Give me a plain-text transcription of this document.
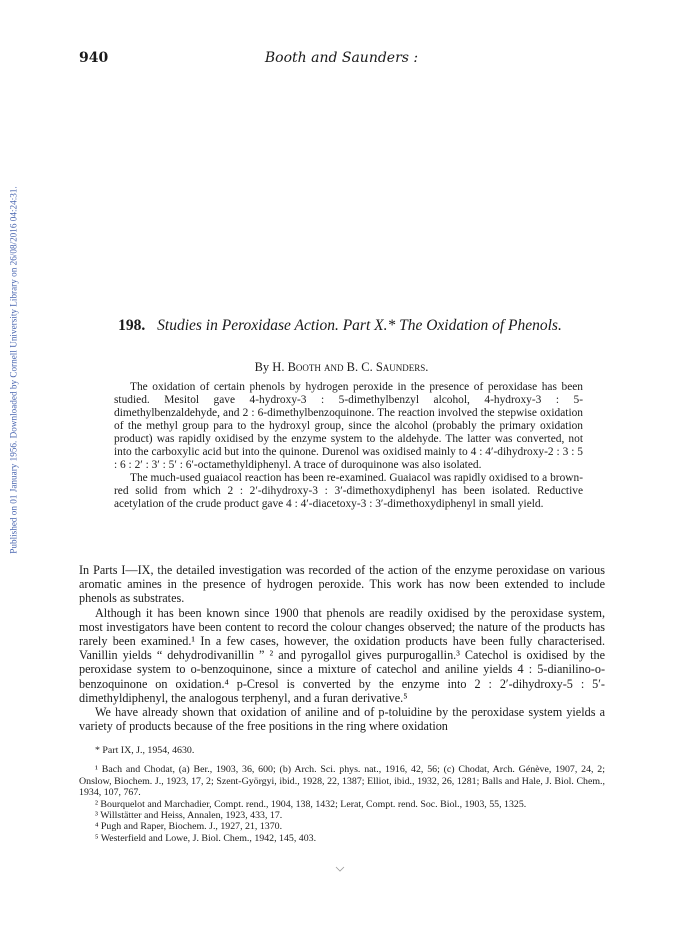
Published on 01 January 1956. Downloaded by Cornell University Library on 26/08/2016 04:24:31.
940	Booth and Saunders :
198. Studies in Peroxidase Action. Part X.* The Oxidation of Phenols.
By H. Booth and B. C. Saunders.

The oxidation of certain phenols by hydrogen peroxide in the presence of peroxidase has been studied. Mesitol gave 4-hydroxy-3 : 5-dimethylbenzyl alcohol, 4-hydroxy-3 : 5-dimethylbenzaldehyde, and 2 : 6-dimethylbenzoquinone. The reaction involved the stepwise oxidation of the methyl group para to the hydroxyl group, since the alcohol (probably the primary oxidation product) was rapidly oxidised by the enzyme system to the aldehyde. The latter was converted, not into the carboxylic acid but into the quinone. Durenol was oxidised mainly to 4 : 4′-dihydroxy-2 : 3 : 5 : 6 : 2′ : 3′ : 5′ : 6′-octamethyldiphenyl. A trace of duroquinone was also isolated.

The much-used guaiacol reaction has been re-examined. Guaiacol was rapidly oxidised to a brown-red solid from which 2 : 2′-dihydroxy-3 : 3′-dimethoxydiphenyl has been isolated. Reductive acetylation of the crude product gave 4 : 4′-diacetoxy-3 : 3′-dimethoxydiphenyl in small yield.

In Parts I—IX, the detailed investigation was recorded of the action of the enzyme peroxidase on various aromatic amines in the presence of hydrogen peroxide. This work has now been extended to include phenols as substrates.

Although it has been known since 1900 that phenols are readily oxidised by the peroxidase system, most investigators have been content to record the colour changes observed; the nature of the products has rarely been examined.¹ In a few cases, however, the oxidation products have been fully characterised. Vanillin yields “ dehydrodivanillin ” ² and pyrogallol gives purpurogallin.³ Catechol is oxidised by the peroxidase system to o-benzoquinone, since a mixture of catechol and aniline yields 4 : 5-dianilino-o-benzoquinone on oxidation.⁴ p-Cresol is converted by the enzyme into 2 : 2′-dihydroxy-5 : 5′-dimethyldiphenyl, the analogous terphenyl, and a furan derivative.⁵

We have already shown that oxidation of aniline and of p-toluidine by the peroxidase system yields a variety of products because of the free positions in the ring where oxidation

* Part IX, J., 1954, 4630.

¹ Bach and Chodat, (a) Ber., 1903, 36, 600; (b) Arch. Sci. phys. nat., 1916, 42, 56; (c) Chodat, Arch. Génève, 1907, 24, 2; Onslow, Biochem. J., 1923, 17, 2; Szent-Györgyi, ibid., 1928, 22, 1387; Elliot, ibid., 1932, 26, 1281; Balls and Hale, J. Biol. Chem., 1934, 107, 767.

² Bourquelot and Marchadier, Compt. rend., 1904, 138, 1432; Lerat, Compt. rend. Soc. Biol., 1903, 55, 1325.

³ Willstätter and Heiss, Annalen, 1923, 433, 17.

⁴ Pugh and Raper, Biochem. J., 1927, 21, 1370.

⁵ Westerfield and Lowe, J. Biol. Chem., 1942, 145, 403.
